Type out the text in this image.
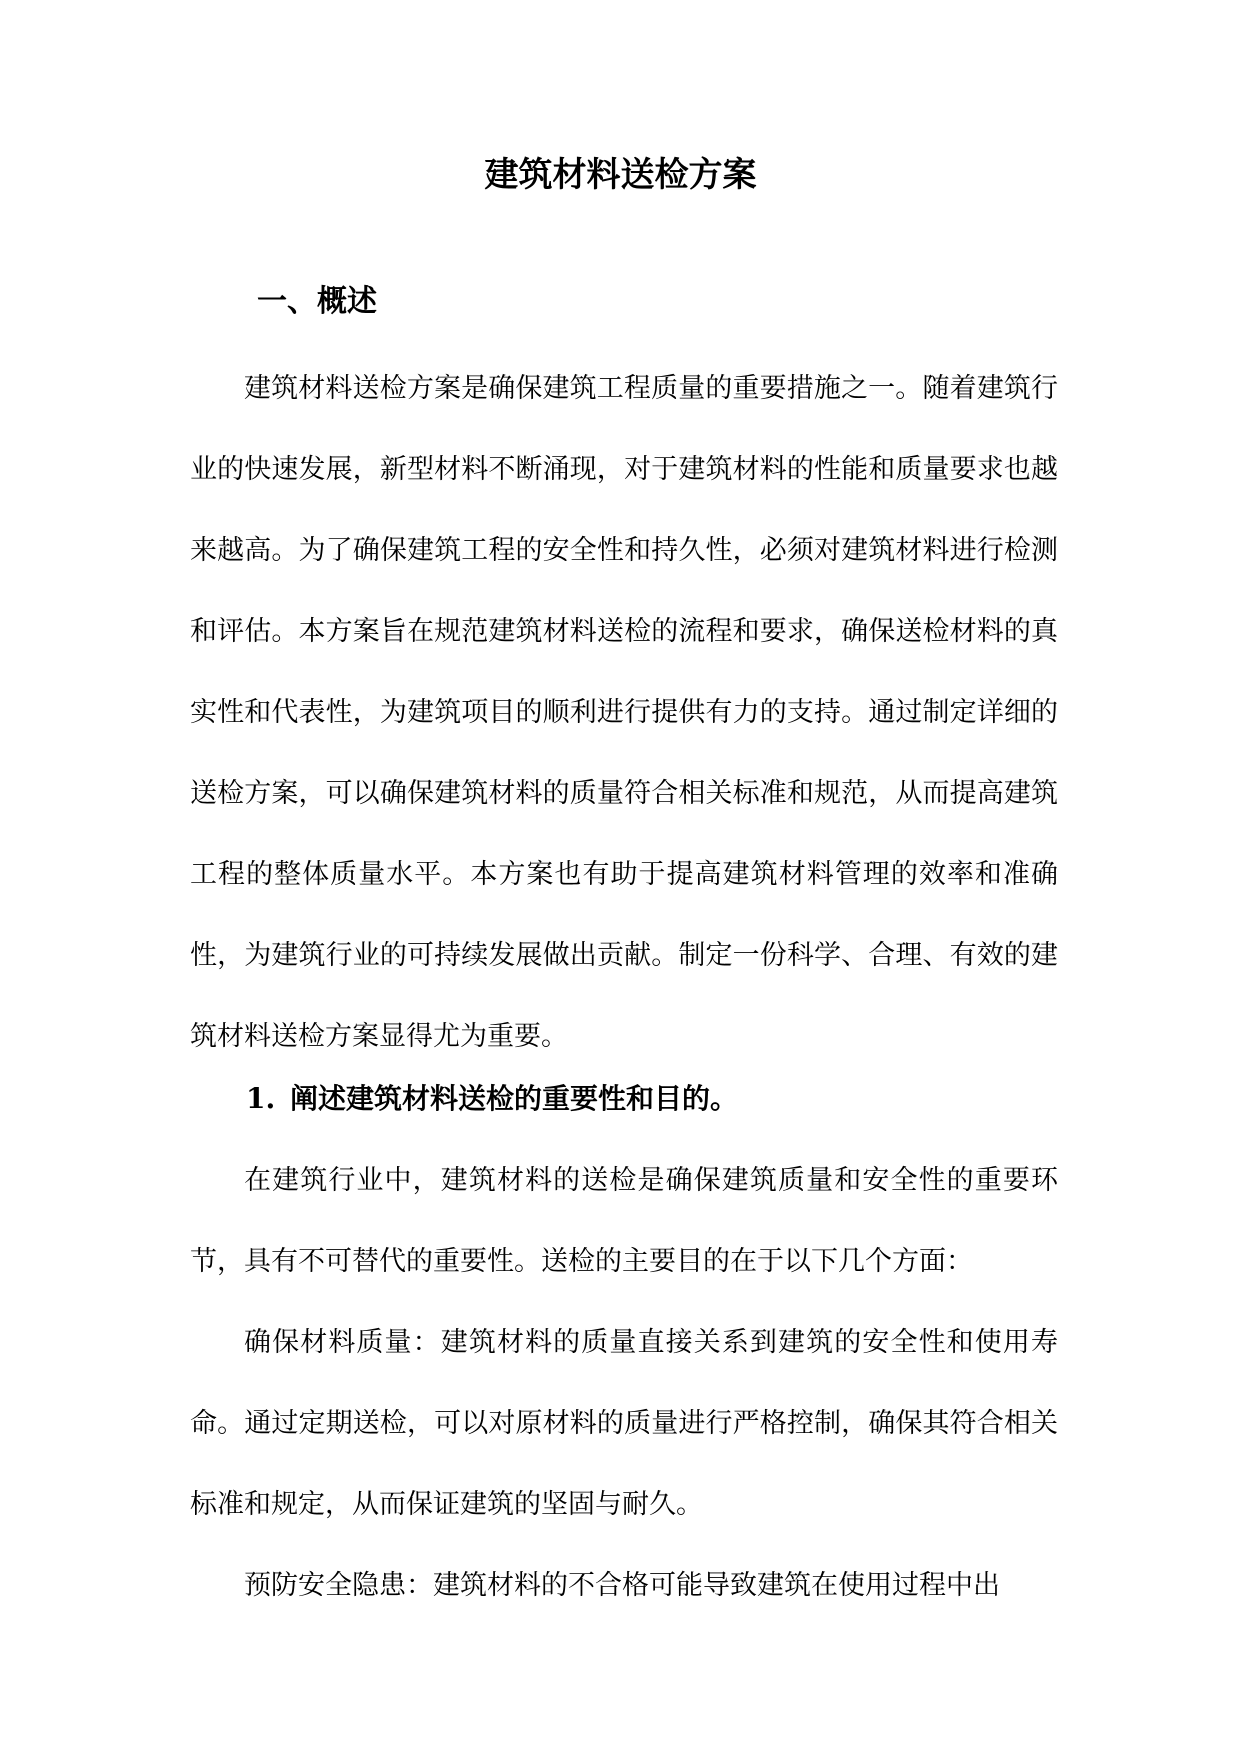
建筑材料送检方案
一、概述

建筑材料送检方案是确保建筑工程质量的重要措施之一。随着建筑行业的快速发展，新型材料不断涌现，对于建筑材料的性能和质量要求也越来越高。为了确保建筑工程的安全性和持久性，必须对建筑材料进行检测和评估。本方案旨在规范建筑材料送检的流程和要求，确保送检材料的真实性和代表性，为建筑项目的顺利进行提供有力的支持。通过制定详细的送检方案，可以确保建筑材料的质量符合相关标准和规范，从而提高建筑工程的整体质量水平。本方案也有助于提高建筑材料管理的效率和准确性，为建筑行业的可持续发展做出贡献。制定一份科学、合理、有效的建筑材料送检方案显得尤为重要。

1. 阐述建筑材料送检的重要性和目的。

在建筑行业中，建筑材料的送检是确保建筑质量和安全性的重要环节，具有不可替代的重要性。送检的主要目的在于以下几个方面：

确保材料质量：建筑材料的质量直接关系到建筑的安全性和使用寿命。通过定期送检，可以对原材料的质量进行严格控制，确保其符合相关标准和规定，从而保证建筑的坚固与耐久。

预防安全隐患：建筑材料的不合格可能导致建筑在使用过程中出
